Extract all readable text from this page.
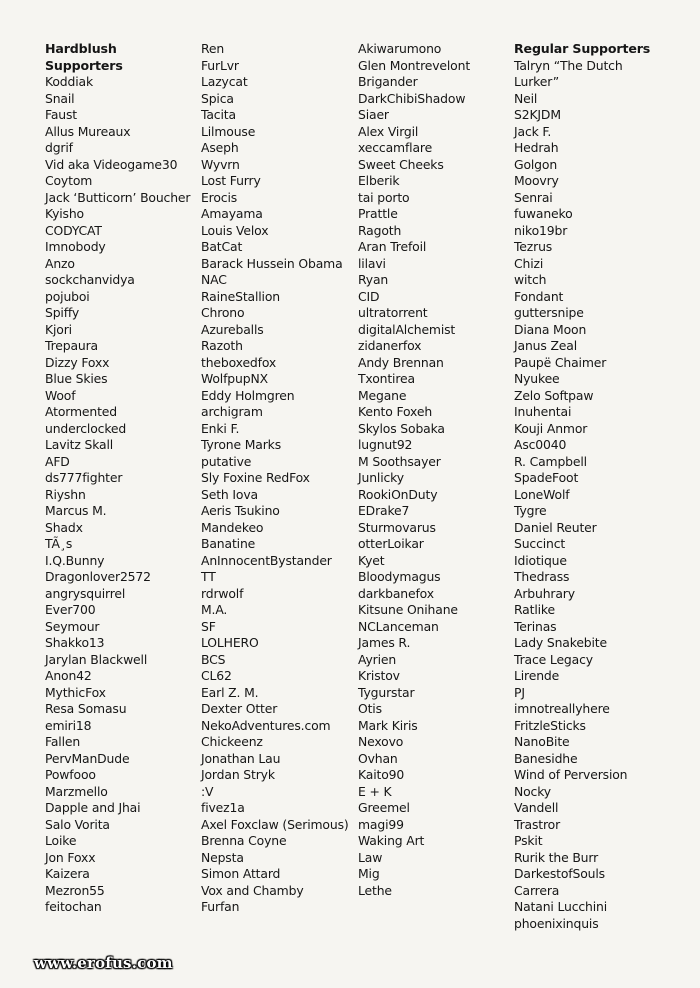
Hardblush Supporters
Koddiak
Snail
Faust
Allus Mureaux
dgrif
Vid aka Videogame30
Coytom
Jack ‘Butticorn’ Boucher
Kyisho
CODYCAT
Imnobody
Anzo
sockchanvidya
pojuboi
Spiffy
Kjori
Trepaura
Dizzy Foxx
Blue Skies
Woof
Atormented
underclocked
Lavitz Skall
AFD
ds777fighter
Riyshn
Marcus M.
Shadx
TÃ¸s
I.Q.Bunny
Dragonlover2572
angrysquirrel
Ever700
Seymour
Shakko13
Jarylan Blackwell
Anon42
MythicFox
Resa Somasu
emiri18
Fallen
PervManDude
Powfooo
Marzmello
Dapple and Jhai
Salo Vorita
Loike
Jon Foxx
Kaizera
Mezron55
feitochan
Ren
FurLvr
Lazycat
Spica
Tacita
Lilmouse
Aseph
Wyvrn
Lost Furry
Erocis
Amayama
Louis Velox
BatCat
Barack Hussein Obama
NAC
RaineStallion
Chrono
Azureballs
Razoth
theboxedfox
WolfpupNX
Eddy Holmgren
archigram
Enki F.
Tyrone Marks
putative
Sly Foxine RedFox
Seth Iova
Aeris Tsukino
Mandekeo
Banatine
AnInnocentBystander
TT
rdrwolf
M.A.
SF
LOLHERO
BCS
CL62
Earl Z. M.
Dexter Otter
NekoAdventures.com
Chickeenz
Jonathan Lau
Jordan Stryk
:V
fivez1a
Axel Foxclaw (Serimous)
Brenna Coyne
Nepsta
Simon Attard
Vox and Chamby
Furfan
Akiwarumono
Glen Montrevelont
Brigander
DarkChibiShadow
Siaer
Alex Virgil
xeccamflare
Sweet Cheeks
Elberik
tai porto
Prattle
Ragoth
Aran Trefoil
lilavi
Ryan
CID
ultratorrent
digitalAlchemist
zidanerfox
Andy Brennan
Txontirea
Megane
Kento Foxeh
Skylos Sobaka
lugnut92
M Soothsayer
Junlicky
RookiOnDuty
EDrake7
Sturmovarus
otterLoikar
Kyet
Bloodymagus
darkbanefox
Kitsune Onihane
NCLanceman
James R.
Ayrien
Kristov
Tygurstar
Otis
Mark Kiris
Nexovo
Ovhan
Kaito90
E + K
Greemel
magi99
Waking Art
Law
Mig
Lethe
Regular Supporters
Talryn “The Dutch Lurker”
Neil
S2KJDM
Jack F.
Hedrah
Golgon
Moovry
Senrai
fuwaneko
niko19br
Tezrus
Chizi
witch
Fondant
guttersnipe
Diana Moon
Janus Zeal
Paupë Chaimer
Nyukee
Zelo Softpaw
Inuhentai
Kouji Anmor
Asc0040
R. Campbell
SpadeFoot
LoneWolf
Tygre
Daniel Reuter
Succinct
Idiotique
Thedrass
Arbuhrary
Ratlike
Terinas
Lady Snakebite
Trace Legacy
Lirende
PJ
imnotreallyhere
FritzleSticks
NanoBite
Banesidhe
Wind of Perversion
Nocky
Vandell
Trastror
Pskit
Rurik the Burr
DarkestofSouls
Carrera
Natani Lucchini
phoenixinquis
www.erofus.com
